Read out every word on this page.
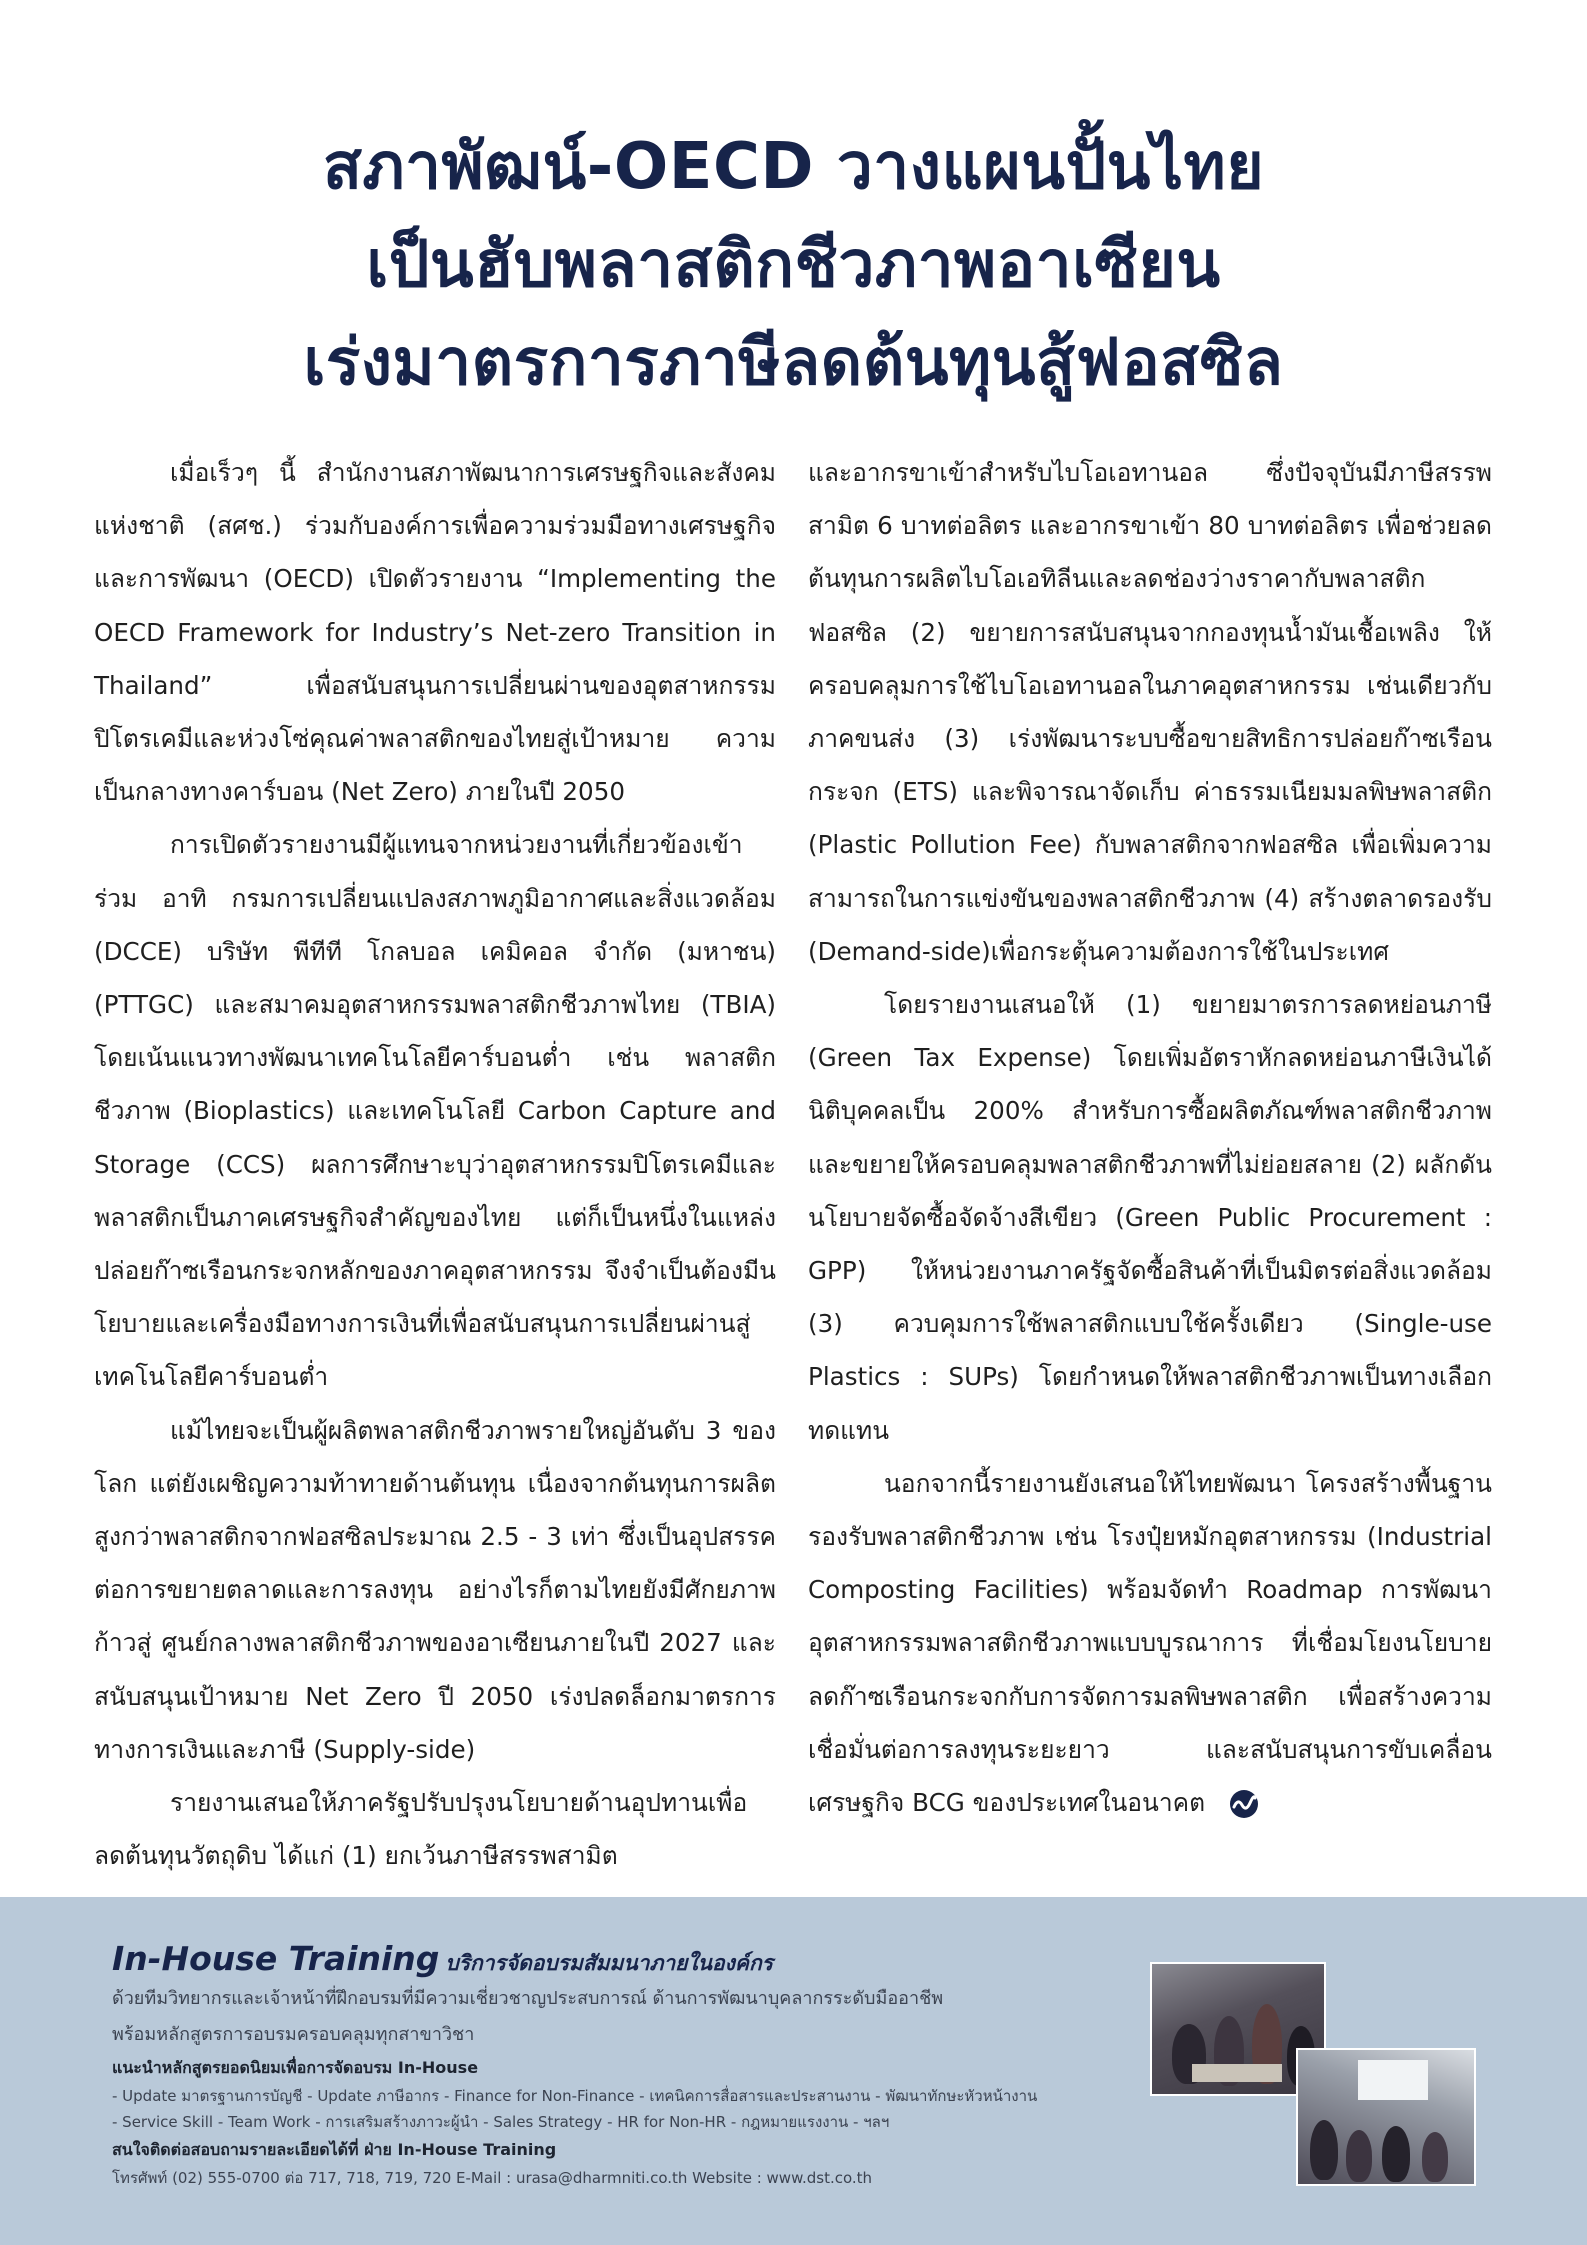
สภาพัฒน์-OECD วางแผนปั้นไทย
เป็นฮับพลาสติกชีวภาพอาเซียน
เร่งมาตรการภาษีลดต้นทุนสู้ฟอสซิล

เมื่อเร็วๆ นี้ สำนักงานสภาพัฒนาการเศรษฐกิจและสังคมแห่งชาติ (สศช.) ร่วมกับองค์การเพื่อความร่วมมือทางเศรษฐกิจและการพัฒนา (OECD) เปิดตัวรายงาน “Implementing the OECD Framework for Industry’s Net-zero Transition in Thailand” เพื่อสนับสนุนการเปลี่ยนผ่านของอุตสาหกรรมปิโตรเคมีและห่วงโซ่คุณค่าพลาสติกของไทยสู่เป้าหมาย ความเป็นกลางทางคาร์บอน (Net Zero) ภายในปี 2050

การเปิดตัวรายงานมีผู้แทนจากหน่วยงานที่เกี่ยวข้องเข้าร่วม อาทิ กรมการเปลี่ยนแปลงสภาพภูมิอากาศและสิ่งแวดล้อม (DCCE) บริษัท พีทีที โกลบอล เคมิคอล จำกัด (มหาชน) (PTTGC) และสมาคมอุตสาหกรรมพลาสติกชีวภาพไทย (TBIA) โดยเน้นแนวทางพัฒนาเทคโนโลยีคาร์บอนต่ำ เช่น พลาสติกชีวภาพ (Bioplastics) และเทคโนโลยี Carbon Capture and Storage (CCS) ผลการศึกษาะบุว่าอุตสาหกรรมปิโตรเคมีและพลาสติกเป็นภาคเศรษฐกิจสำคัญของไทย แต่ก็เป็นหนึ่งในแหล่งปล่อยก๊าซเรือนกระจกหลักของภาคอุตสาหกรรม จึงจำเป็นต้องมีนโยบายและเครื่องมือทางการเงินที่เพื่อสนับสนุนการเปลี่ยนผ่านสู่เทคโนโลยีคาร์บอนต่ำ

แม้ไทยจะเป็นผู้ผลิตพลาสติกชีวภาพรายใหญ่อันดับ 3 ของโลก แต่ยังเผชิญความท้าทายด้านต้นทุน เนื่องจากต้นทุนการผลิตสูงกว่าพลาสติกจากฟอสซิลประมาณ 2.5 - 3 เท่า ซึ่งเป็นอุปสรรคต่อการขยายตลาดและการลงทุน อย่างไรก็ตามไทยยังมีศักยภาพก้าวสู่ ศูนย์กลางพลาสติกชีวภาพของอาเซียนภายในปี 2027 และสนับสนุนเป้าหมาย Net Zero ปี 2050 เร่งปลดล็อกมาตรการทางการเงินและภาษี (Supply-side)

รายงานเสนอให้ภาครัฐปรับปรุงนโยบายด้านอุปทานเพื่อลดต้นทุนวัตถุดิบ ได้แก่ (1) ยกเว้นภาษีสรรพสามิต

และอากรขาเข้าสำหรับไบโอเอทานอล ซึ่งปัจจุบันมีภาษีสรรพสามิต 6 บาทต่อลิตร และอากรขาเข้า 80 บาทต่อลิตร เพื่อช่วยลดต้นทุนการผลิตไบโอเอทิลีนและลดช่องว่างราคากับพลาสติกฟอสซิล (2) ขยายการสนับสนุนจากกองทุนน้ำมันเชื้อเพลิง ให้ครอบคลุมการใช้ไบโอเอทานอลในภาคอุตสาหกรรม เช่นเดียวกับภาคขนส่ง (3) เร่งพัฒนาระบบซื้อขายสิทธิการปล่อยก๊าซเรือนกระจก (ETS) และพิจารณาจัดเก็บ ค่าธรรมเนียมมลพิษพลาสติก (Plastic Pollution Fee) กับพลาสติกจากฟอสซิล เพื่อเพิ่มความสามารถในการแข่งขันของพลาสติกชีวภาพ (4) สร้างตลาดรองรับ (Demand-side)เพื่อกระตุ้นความต้องการใช้ในประเทศ

โดยรายงานเสนอให้ (1) ขยายมาตรการลดหย่อนภาษี (Green Tax Expense) โดยเพิ่มอัตราหักลดหย่อนภาษีเงินได้นิติบุคคลเป็น 200% สำหรับการซื้อผลิตภัณฑ์พลาสติกชีวภาพ และขยายให้ครอบคลุมพลาสติกชีวภาพที่ไม่ย่อยสลาย (2) ผลักดันนโยบายจัดซื้อจัดจ้างสีเขียว (Green Public Procurement : GPP) ให้หน่วยงานภาครัฐจัดซื้อสินค้าที่เป็นมิตรต่อสิ่งแวดล้อม (3) ควบคุมการใช้พลาสติกแบบใช้ครั้งเดียว (Single-use Plastics : SUPs) โดยกำหนดให้พลาสติกชีวภาพเป็นทางเลือกทดแทน

นอกจากนี้รายงานยังเสนอให้ไทยพัฒนา โครงสร้างพื้นฐานรองรับพลาสติกชีวภาพ เช่น โรงปุ๋ยหมักอุตสาหกรรม (Industrial Composting Facilities) พร้อมจัดทำ Roadmap การพัฒนาอุตสาหกรรมพลาสติกชีวภาพแบบบูรณาการ ที่เชื่อมโยงนโยบายลดก๊าซเรือนกระจกกับการจัดการมลพิษพลาสติก เพื่อสร้างความเชื่อมั่นต่อการลงทุนระยะยาว และสนับสนุนการขับเคลื่อนเศรษฐกิจ BCG ของประเทศในอนาคต

In-House Training บริการจัดอบรมสัมมนาภายในองค์กร
ด้วยทีมวิทยากรและเจ้าหน้าที่ฝึกอบรมที่มีความเชี่ยวชาญประสบการณ์ ด้านการพัฒนาบุคลากรระดับมืออาชีพ
พร้อมหลักสูตรการอบรมครอบคลุมทุกสาขาวิชา
แนะนำหลักสูตรยอดนิยมเพื่อการจัดอบรม In-House
- Update มาตรฐานการบัญชี - Update ภาษีอากร - Finance for Non-Finance - เทคนิคการสื่อสารและประสานงาน - พัฒนาทักษะหัวหน้างาน
- Service Skill - Team Work - การเสริมสร้างภาวะผู้นำ - Sales Strategy - HR for Non-HR - กฎหมายแรงงาน - ฯลฯ
สนใจติดต่อสอบถามรายละเอียดได้ที่ ฝ่าย In-House Training
โทรศัพท์ (02) 555-0700 ต่อ 717, 718, 719, 720 E-Mail : urasa@dharmniti.co.th Website : www.dst.co.th
